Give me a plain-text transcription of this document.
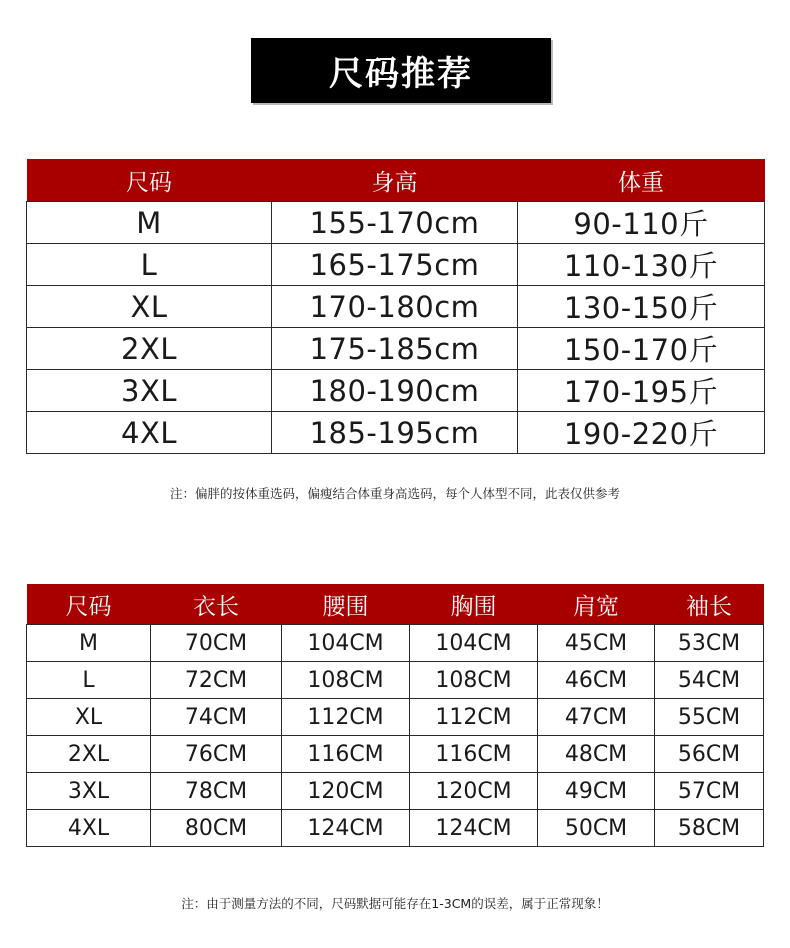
尺码推荐
尺码	身高	体重
M	155-170cm	90-110斤
L	165-175cm	110-130斤
XL	170-180cm	130-150斤
2XL	175-185cm	150-170斤
3XL	180-190cm	170-195斤
4XL	185-195cm	190-220斤
注：偏胖的按体重选码，偏瘦结合体重身高选码，每个人体型不同，此表仅供参考
尺码	衣长	腰围	胸围	肩宽	袖长
M	70CM	104CM	104CM	45CM	53CM
L	72CM	108CM	108CM	46CM	54CM
XL	74CM	112CM	112CM	47CM	55CM
2XL	76CM	116CM	116CM	48CM	56CM
3XL	78CM	120CM	120CM	49CM	57CM
4XL	80CM	124CM	124CM	50CM	58CM
注：由于测量方法的不同，尺码默据可能存在1-3CM的误差，属于正常现象！
